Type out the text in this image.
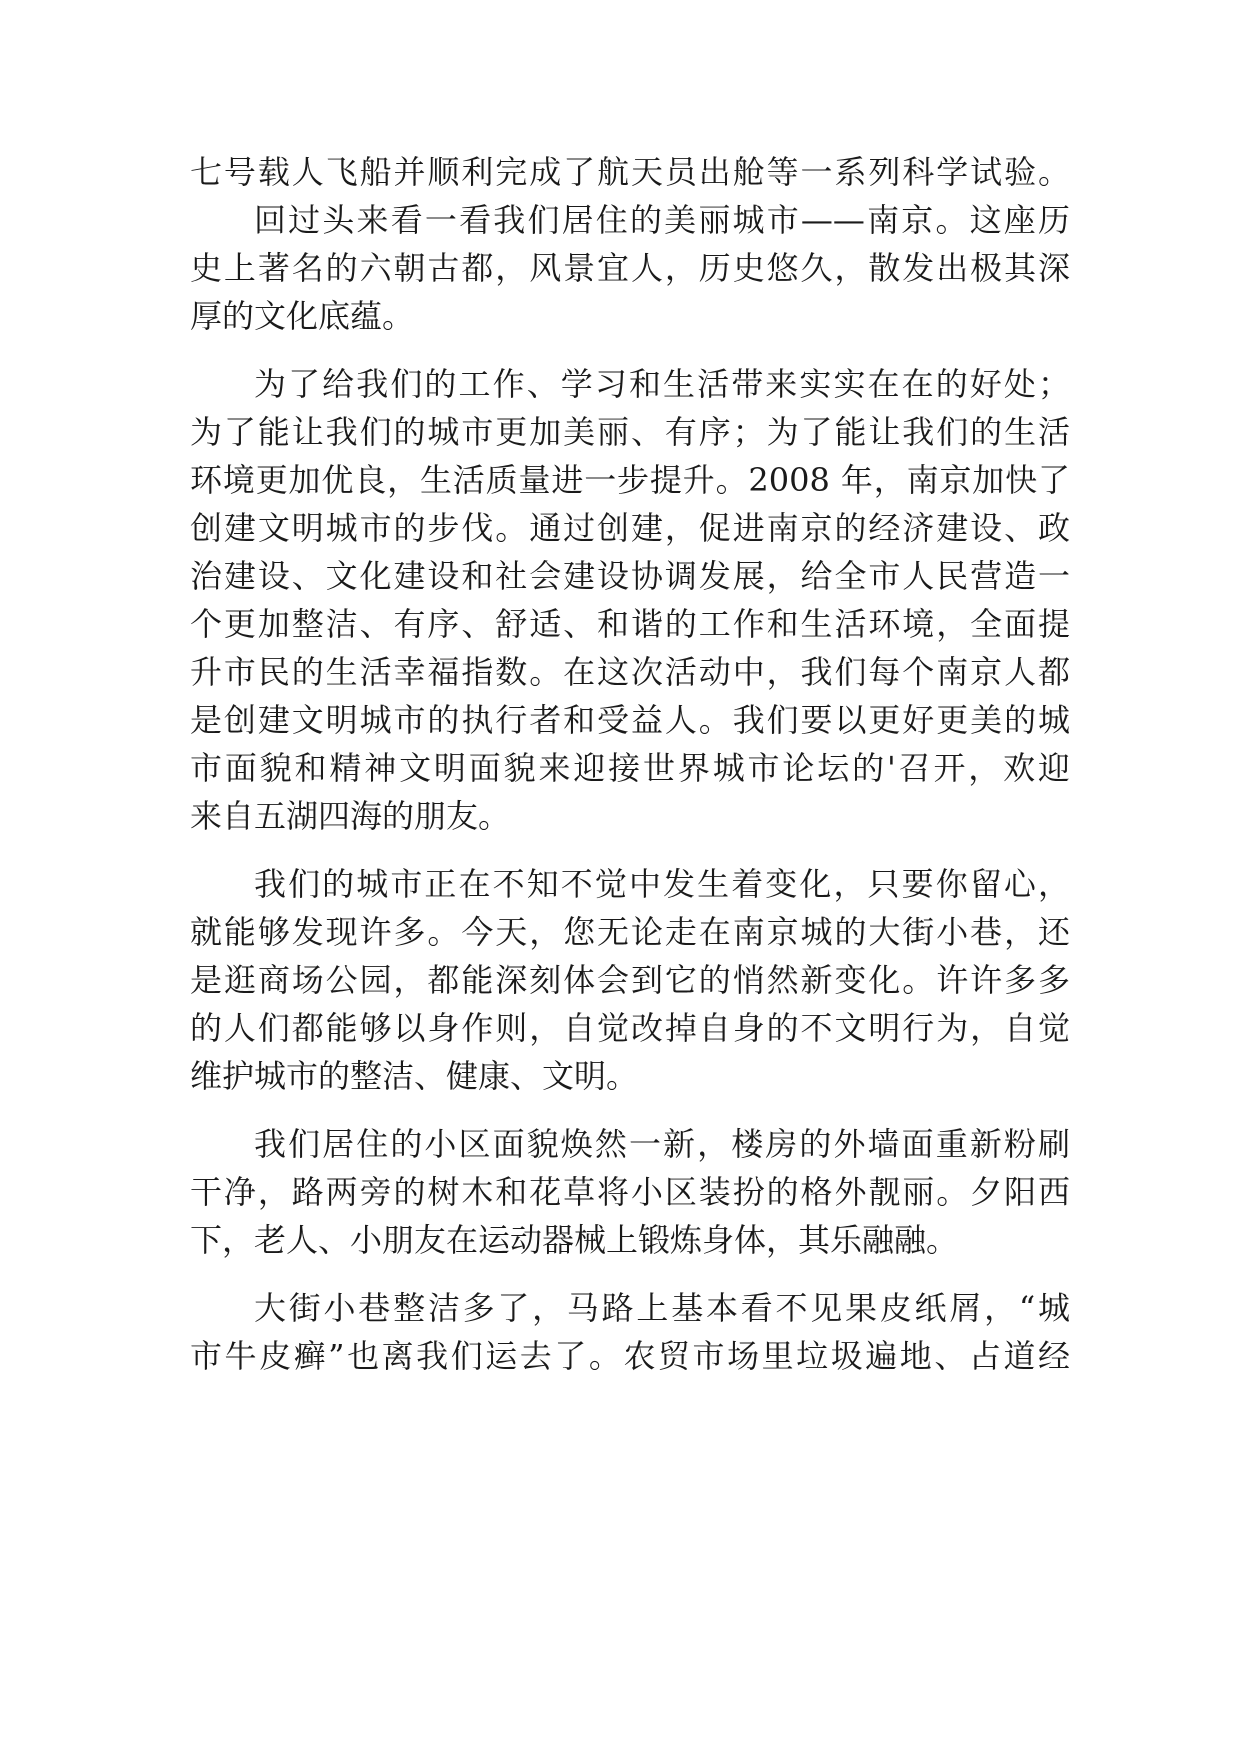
七号载人飞船并顺利完成了航天员出舱等一系列科学试验。
回过头来看一看我们居住的美丽城市——南京。这座历
史上著名的六朝古都，风景宜人，历史悠久，散发出极其深
厚的文化底蕴。
为了给我们的工作、学习和生活带来实实在在的好处；
为了能让我们的城市更加美丽、有序；为了能让我们的生活
环境更加优良，生活质量进一步提升。2008 年，南京加快了
创建文明城市的步伐。通过创建，促进南京的经济建设、政
治建设、文化建设和社会建设协调发展，给全市人民营造一
个更加整洁、有序、舒适、和谐的工作和生活环境，全面提
升市民的生活幸福指数。在这次活动中，我们每个南京人都
是创建文明城市的执行者和受益人。我们要以更好更美的城
市面貌和精神文明面貌来迎接世界城市论坛的'召开，欢迎
来自五湖四海的朋友。
我们的城市正在不知不觉中发生着变化，只要你留心，
就能够发现许多。今天，您无论走在南京城的大街小巷，还
是逛商场公园，都能深刻体会到它的悄然新变化。许许多多
的人们都能够以身作则，自觉改掉自身的不文明行为，自觉
维护城市的整洁、健康、文明。
我们居住的小区面貌焕然一新，楼房的外墙面重新粉刷
干净，路两旁的树木和花草将小区装扮的格外靓丽。夕阳西
下，老人、小朋友在运动器械上锻炼身体，其乐融融。
大街小巷整洁多了，马路上基本看不见果皮纸屑，“城
市牛皮癣”也离我们运去了。农贸市场里垃圾遍地、占道经
